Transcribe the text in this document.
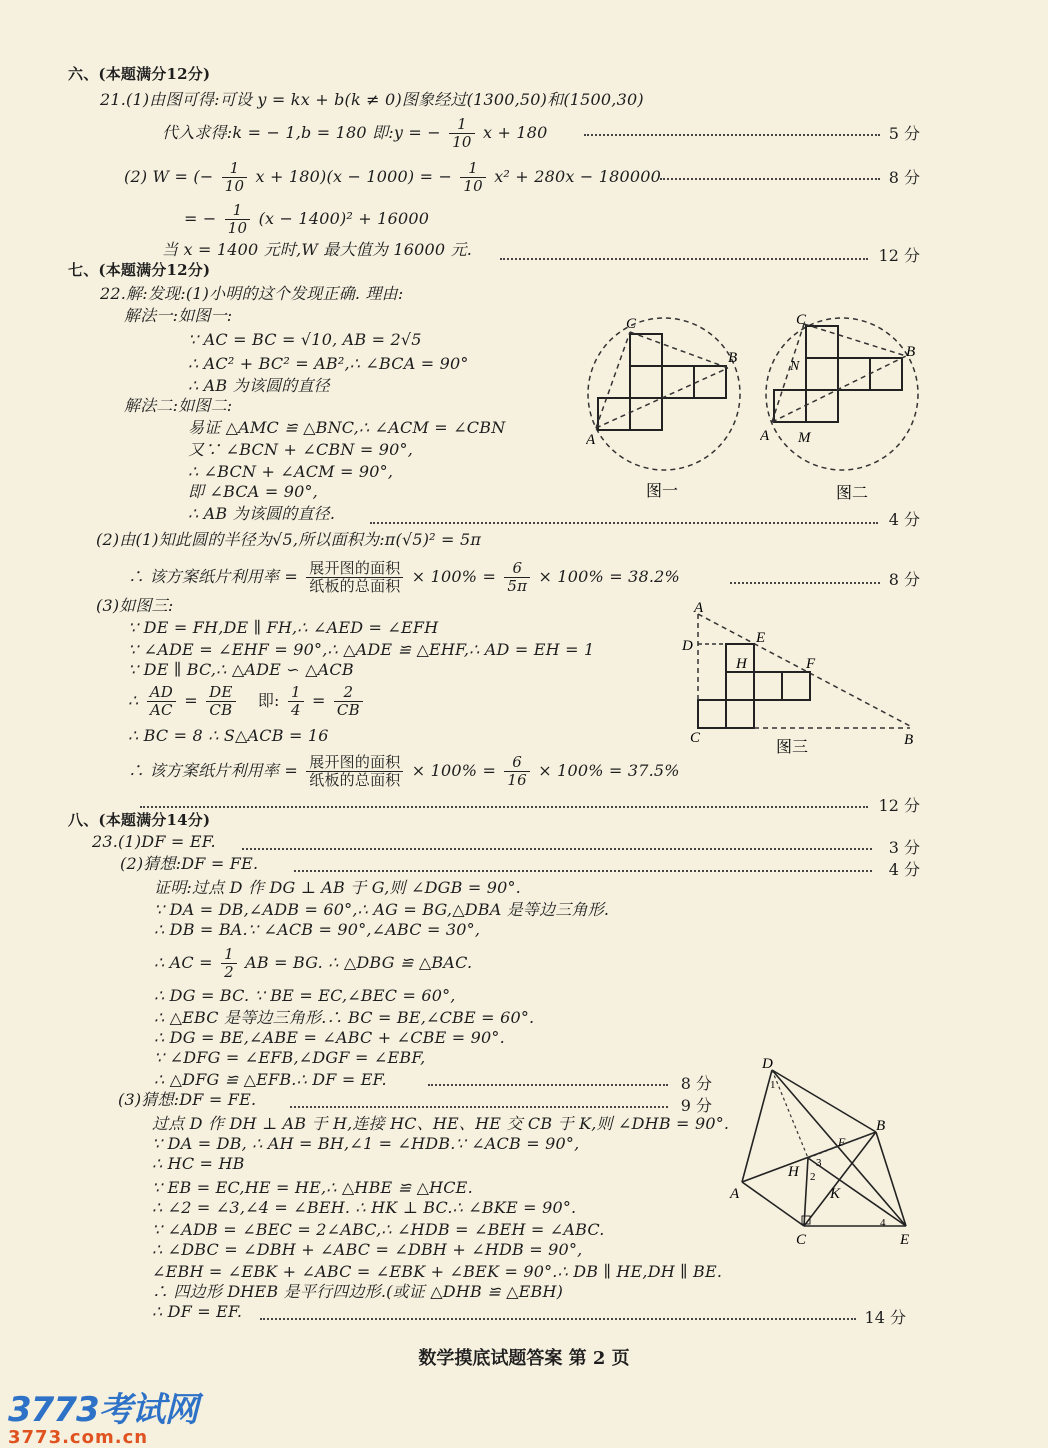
六、(本题满分12分)
21.(1)由图可得:可设 y = kx + b(k ≠ 0)图象经过(1300,50)和(1500,30)
代入求得:k = − 1,b = 180 即:y = − $\frac{1}{10}$ x + 180	5 分
(2) W = (− $\frac{1}{10}$ x + 180)(x − 1000) = − $\frac{1}{10} x^2 + 280x - 180000$	8 分
= − $\frac{1}{10} (x - 1400)^2 + 16000$
当 x = 1400 元时,W 最大值为 16000 元.	12 分
七、(本题满分12分)
22.解:发现:(1)小明的这个发现正确. 理由:
解法一:如图一:
∵ AC = BC = √10, AB = 2√5
∴ AC² + BC² = AB²,∴ ∠BCA = 90°
∴ AB 为该圆的直径
解法二:如图二:
易证 △AMC ≌ △BNC,∴ ∠ACM = ∠CBN
又∵ ∠BCN + ∠CBN = 90°,
∴ ∠BCN + ∠ACM = 90°,
即 ∠BCA = 90°,
∴ AB 为该圆的直径.	4 分
C
B
A
图一
C
B
N
A M
图二
(2)由(1)知此圆的半径为√5,所以面积为:π(√5)² = 5π
∴ 该方案纸片利用率 = $\frac{\text{展开图的面积}}{\text{纸板的总面积}} \times 100\% = \frac{6}{5\pi} \times 100\% = 38.2\%$	8 分
(3)如图三:
∵ DE = FH,DE ∥ FH,∴ ∠AED = ∠EFH
∵ ∠ADE = ∠EHF = 90°,∴ △ADE ≌ △EHF,∴ AD = EH = 1
∵ DE ∥ BC,∴ △ADE ∽ △ACB
∴ $\frac{AD}{AC} = \frac{DE}{CB}$ 即: $\frac{1}{4} = \frac{2}{CB}$
∴ BC = 8 ∴ S△ACB = 16
∴ 该方案纸片利用率 = $\frac{\text{展开图的面积}}{\text{纸板的总面积}} \times 100\% = \frac{6}{16} \times 100\% = 37.5\%$
12 分
A
D	E
H	F
C	B
图三
八、(本题满分14分)
23.(1)DF = EF.	3 分
(2)猜想:DF = FE.	4 分
证明:过点 D 作 DG ⊥ AB 于 G,则 ∠DGB = 90°.
∵ DA = DB,∠ADB = 60°,∴ AG = BG,△DBA 是等边三角形.
∴ DB = BA.∵ ∠ACB = 90°,∠ABC = 30°,
∴ AC = $\frac{1}{2}$ AB = BG. ∴ △DBG ≌ △BAC.
∴ DG = BC. ∵ BE = EC,∠BEC = 60°,
∴ △EBC 是等边三角形.∴ BC = BE,∠CBE = 60°.
∴ DG = BE,∠ABE = ∠ABC + ∠CBE = 90°.
∵ ∠DFG = ∠EFB,∠DGF = ∠EBF,
∴ △DFG ≌ △EFB.∴ DF = EF.	8 分
(3)猜想:DF = FE.	9 分
过点 D 作 DH ⊥ AB 于 H,连接 HC、HE、HE 交 CB 于 K,则 ∠DHB = 90°.
∵ DA = DB, ∴ AH = BH,∠1 = ∠HDB.∵ ∠ACB = 90°,
∴ HC = HB
∵ EB = EC,HE = HE,∴ △HBE ≌ △HCE.
∴ ∠2 = ∠3,∠4 = ∠BEH. ∴ HK ⊥ BC.∴ ∠BKE = 90°.
∵ ∠ADB = ∠BEC = 2∠ABC,∴ ∠HDB = ∠BEH = ∠ABC.
∴ ∠DBC = ∠DBH + ∠ABC = ∠DBH + ∠HDB = 90°,
∠EBH = ∠EBK + ∠ABC = ∠EBK + ∠BEK = 90°.∴ DB ∥ HE,DH ∥ BE.
∴ 四边形 DHEB 是平行四边形.(或证 △DHB ≌ △EBH)
∴ DF = EF.	14 分
D
1
B
F
H
3
2
K
4
A
C	E
数学摸底试题答案 第 2 页
3773考试网
3773.com.cn
